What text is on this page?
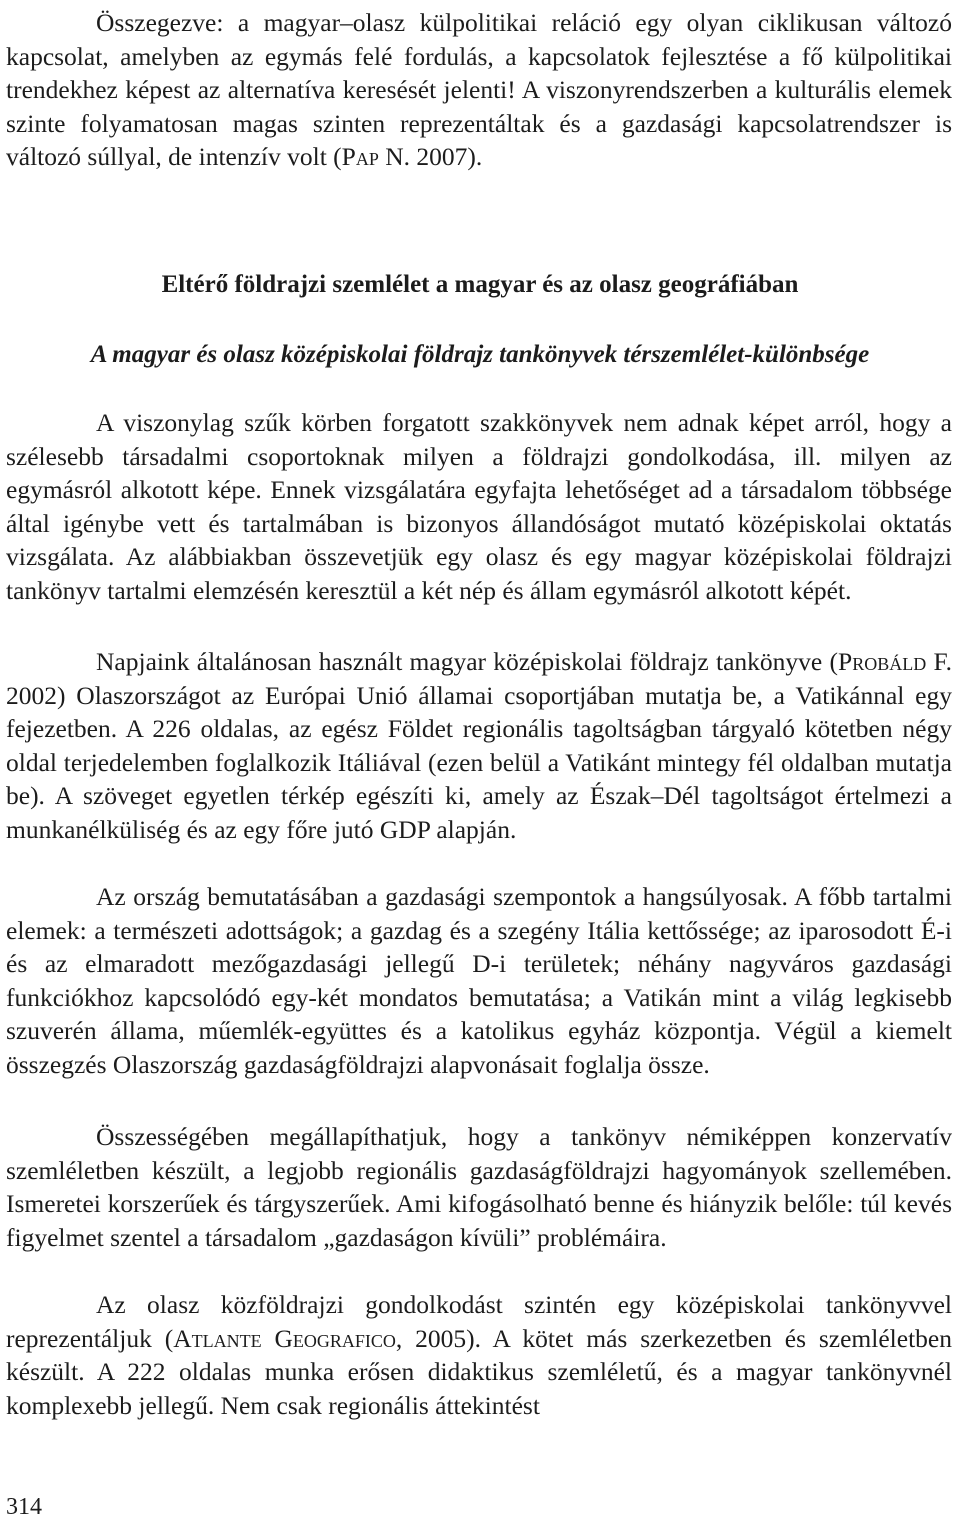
Összegezve: a magyar–olasz külpolitikai reláció egy olyan ciklikusan változó kapcsolat, amelyben az egymás felé fordulás, a kapcsolatok fejlesztése a fő külpolitikai trendekhez képest az alternatíva keresését jelenti! A viszonyrendszerben a kulturális elemek szinte folyamatosan magas szinten reprezentáltak és a gazdasági kapcsolatrendszer is változó súllyal, de intenzív volt (Pap N. 2007).

Eltérő földrajzi szemlélet a magyar és az olasz geográfiában
A magyar és olasz középiskolai földrajz tankönyvek térszemlélet-különbsége

A viszonylag szűk körben forgatott szakkönyvek nem adnak képet arról, hogy a szélesebb társadalmi csoportoknak milyen a földrajzi gondolkodása, ill. milyen az egymásról alkotott képe. Ennek vizsgálatára egyfajta lehetőséget ad a társadalom többsége által igénybe vett és tartalmában is bizonyos állandóságot mutató középiskolai oktatás vizsgálata. Az alábbiakban összevetjük egy olasz és egy magyar középiskolai földrajzi tankönyv tartalmi elemzésén keresztül a két nép és állam egymásról alkotott képét.

Napjaink általánosan használt magyar középiskolai földrajz tankönyve (Probáld F. 2002) Olaszországot az Európai Unió államai csoportjában mutatja be, a Vatikánnal egy fejezetben. A 226 oldalas, az egész Földet regionális tagoltságban tárgyaló kötetben négy oldal terjedelemben foglalkozik Itáliával (ezen belül a Vatikánt mintegy fél oldalban mutatja be). A szöveget egyetlen térkép egészíti ki, amely az Észak–Dél tagoltságot értelmezi a munkanélküliség és az egy főre jutó GDP alapján.

Az ország bemutatásában a gazdasági szempontok a hangsúlyosak. A főbb tartalmi elemek: a természeti adottságok; a gazdag és a szegény Itália kettőssége; az iparosodott É-i és az elmaradott mezőgazdasági jellegű D-i területek; néhány nagyváros gazdasági funkciókhoz kapcsolódó egy-két mondatos bemutatása; a Vatikán mint a világ legkisebb szuverén államа, műemlék-együttes és a katolikus egyház központja. Végül a kiemelt összegzés Olaszország gazdaságföldrajzi alapvonásait foglalja össze.

Összességében megállapíthatjuk, hogy a tankönyv némiképpen konzervatív szemléletben készült, a legjobb regionális gazdaságföldrajzi hagyományok szellemében. Ismeretei korszerűek és tárgyszerűek. Ami kifogásolható benne és hiányzik belőle: túl kevés figyelmet szentel a társadalom „gazdaságon kívüli” problémáira.

Az olasz közföldrajzi gondolkodást szintén egy középiskolai tankönyvvel reprezentáljuk (Atlante Geografico, 2005). A kötet más szerkezetben és szemléletben készült. A 222 oldalas munka erősen didaktikus szemléletű, és a magyar tankönyvnél komplexebb jellegű. Nem csak regionális áttekintést

314
